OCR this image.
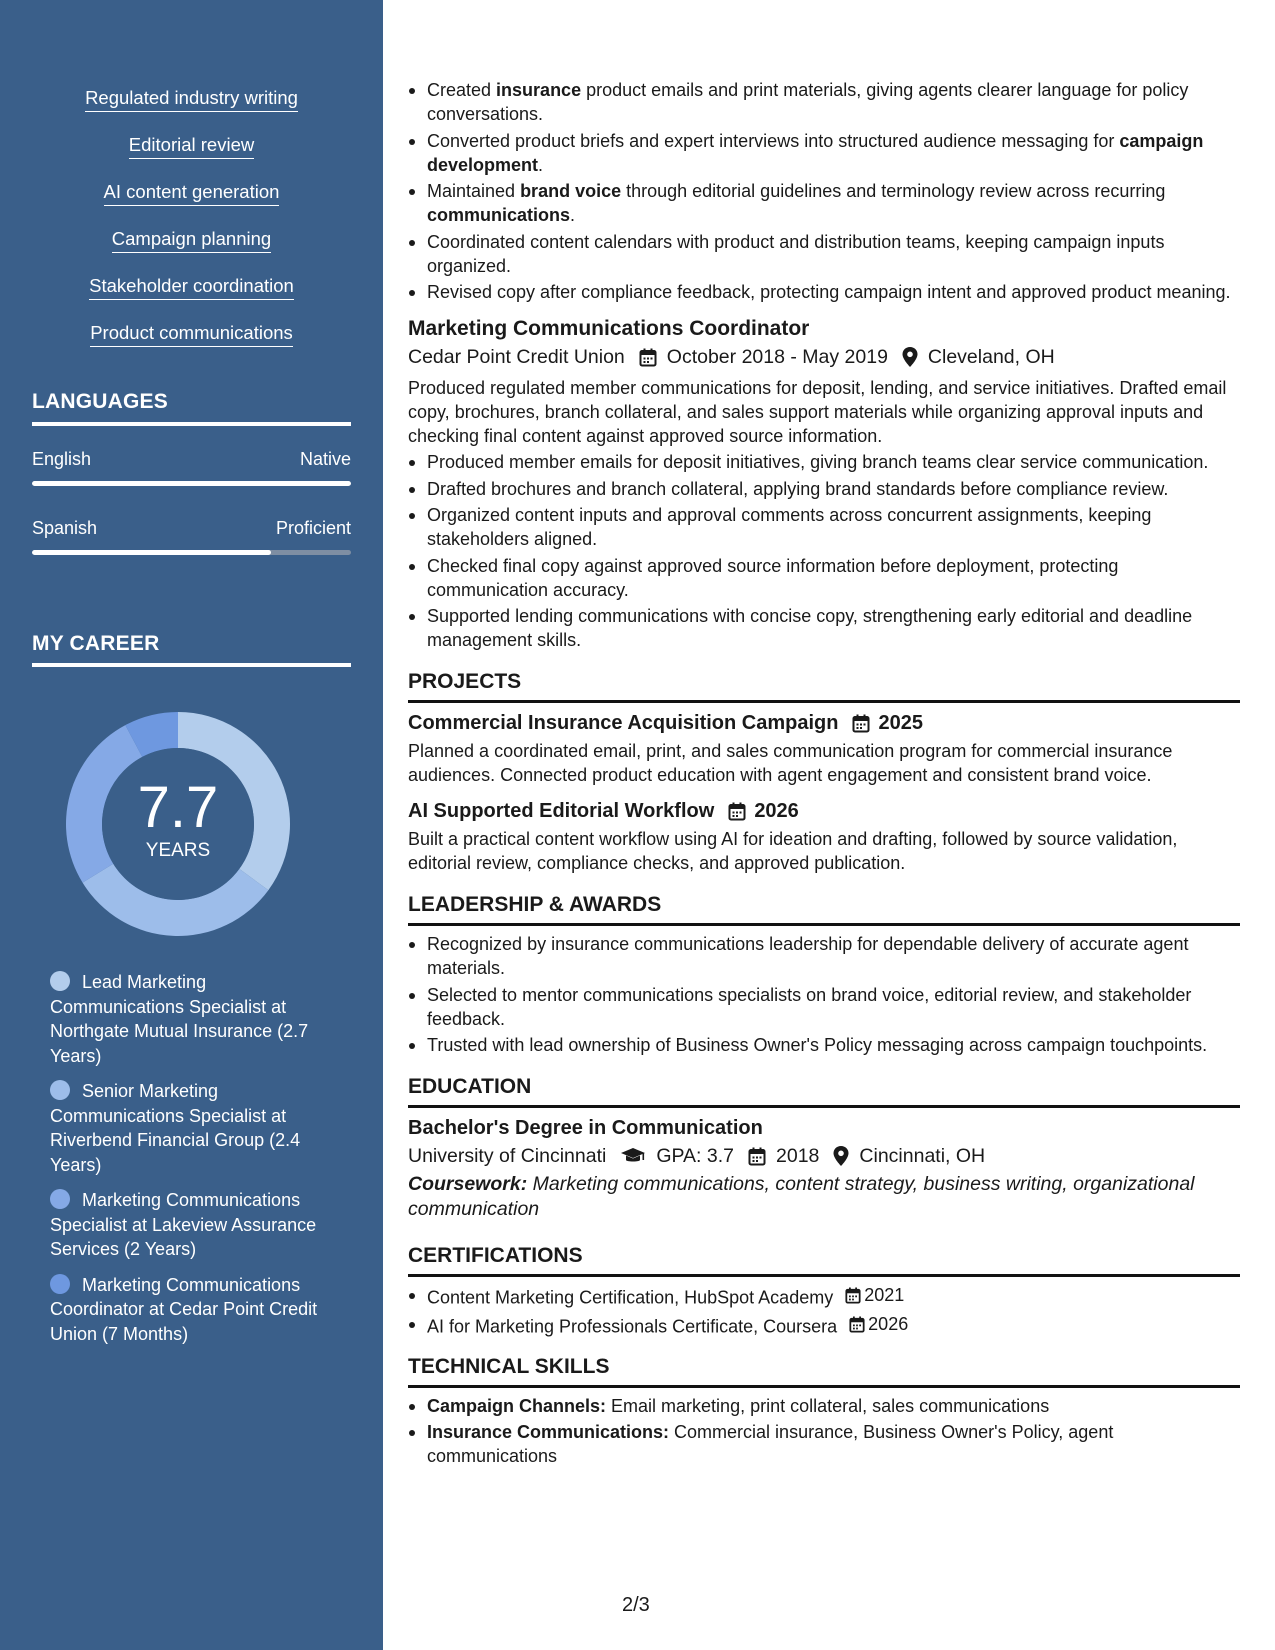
Regulated industry writing
Editorial review
AI content generation
Campaign planning
Stakeholder coordination
Product communications
LANGUAGES
English	Native
Spanish	Proficient
MY CAREER
7.7
YEARS
Lead Marketing Communications Specialist at Northgate Mutual Insurance (2.7 Years)
Senior Marketing Communications Specialist at Riverbend Financial Group (2.4 Years)
Marketing Communications Specialist at Lakeview Assurance Services (2 Years)
Marketing Communications Coordinator at Cedar Point Credit Union (7 Months)
Created insurance product emails and print materials, giving agents clearer language for policy conversations.
Converted product briefs and expert interviews into structured audience messaging for campaign development.
Maintained brand voice through editorial guidelines and terminology review across recurring communications.
Coordinated content calendars with product and distribution teams, keeping campaign inputs organized.
Revised copy after compliance feedback, protecting campaign intent and approved product meaning.
Marketing Communications Coordinator
Cedar Point Credit Union October 2018 - May 2019 Cleveland, OH
Produced regulated member communications for deposit, lending, and service initiatives. Drafted email copy, brochures, branch collateral, and sales support materials while organizing approval inputs and checking final content against approved source information.
Produced member emails for deposit initiatives, giving branch teams clear service communication.
Drafted brochures and branch collateral, applying brand standards before compliance review.
Organized content inputs and approval comments across concurrent assignments, keeping stakeholders aligned.
Checked final copy against approved source information before deployment, protecting communication accuracy.
Supported lending communications with concise copy, strengthening early editorial and deadline management skills.
PROJECTS
Commercial Insurance Acquisition Campaign 2025
Planned a coordinated email, print, and sales communication program for commercial insurance audiences. Connected product education with agent engagement and consistent brand voice.
AI Supported Editorial Workflow 2026
Built a practical content workflow using AI for ideation and drafting, followed by source validation, editorial review, compliance checks, and approved publication.
LEADERSHIP & AWARDS
Recognized by insurance communications leadership for dependable delivery of accurate agent materials.
Selected to mentor communications specialists on brand voice, editorial review, and stakeholder feedback.
Trusted with lead ownership of Business Owner's Policy messaging across campaign touchpoints.
EDUCATION
Bachelor's Degree in Communication
University of Cincinnati	GPA: 3.7 2018 Cincinnati, OH
Coursework: Marketing communications, content strategy, business writing, organizational communication
CERTIFICATIONS
Content Marketing Certification, HubSpot Academy 2021
AI for Marketing Professionals Certificate, Coursera 2026
TECHNICAL SKILLS
Campaign Channels: Email marketing, print collateral, sales communications
Insurance Communications: Commercial insurance, Business Owner's Policy, agent communications
2/3
